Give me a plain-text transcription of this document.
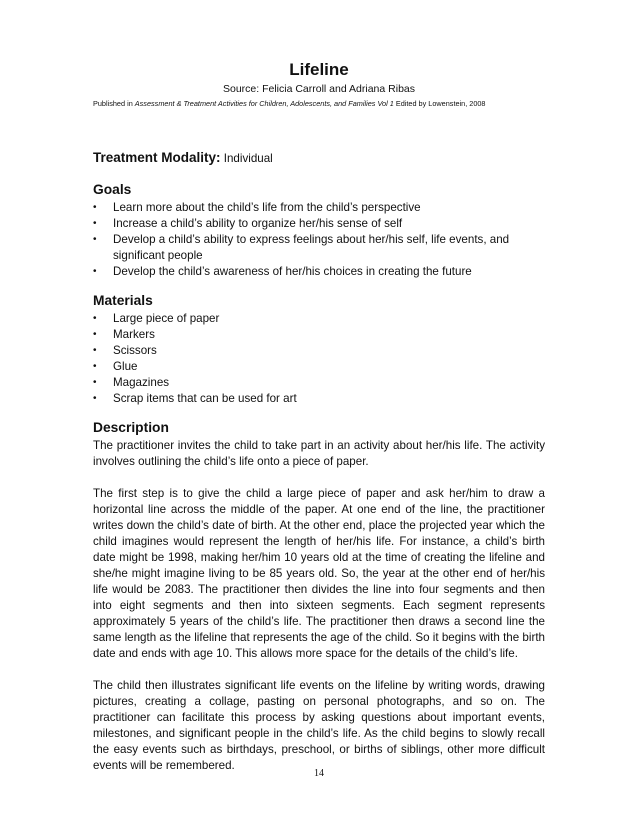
Lifeline
Source: Felicia Carroll and Adriana Ribas
Published in Assessment & Treatment Activities for Children, Adolescents, and Families Vol 1 Edited by Lowenstein, 2008
Treatment Modality: Individual
Goals
•	Learn more about the child’s life from the child’s perspective
•	Increase a child’s ability to organize her/his sense of self
•	Develop a child’s ability to express feelings about her/his self, life events, and significant people
•	Develop the child’s awareness of her/his choices in creating the future
Materials
•	Large piece of paper
•	Markers
•	Scissors
•	Glue
•	Magazines
•	Scrap items that can be used for art
Description

The practitioner invites the child to take part in an activity about her/his life. The activity involves outlining the child’s life onto a piece of paper.

The first step is to give the child a large piece of paper and ask her/him to draw a horizontal line across the middle of the paper. At one end of the line, the practitioner writes down the child’s date of birth. At the other end, place the projected year which the child imagines would represent the length of her/his life. For instance, a child’s birth date might be 1998, making her/him 10 years old at the time of creating the lifeline and she/he might imagine living to be 85 years old. So, the year at the other end of her/his life would be 2083. The practitioner then divides the line into four segments and then into eight segments and then into sixteen segments. Each segment represents approximately 5 years of the child’s life. The practitioner then draws a second line the same length as the lifeline that represents the age of the child. So it begins with the birth date and ends with age 10. This allows more space for the details of the child’s life.

The child then illustrates significant life events on the lifeline by writing words, drawing pictures, creating a collage, pasting on personal photographs, and so on. The practitioner can facilitate this process by asking questions about important events, milestones, and significant people in the child’s life. As the child begins to slowly recall the easy events such as birthdays, preschool, or births of siblings, other more difficult events will be remembered.

14
